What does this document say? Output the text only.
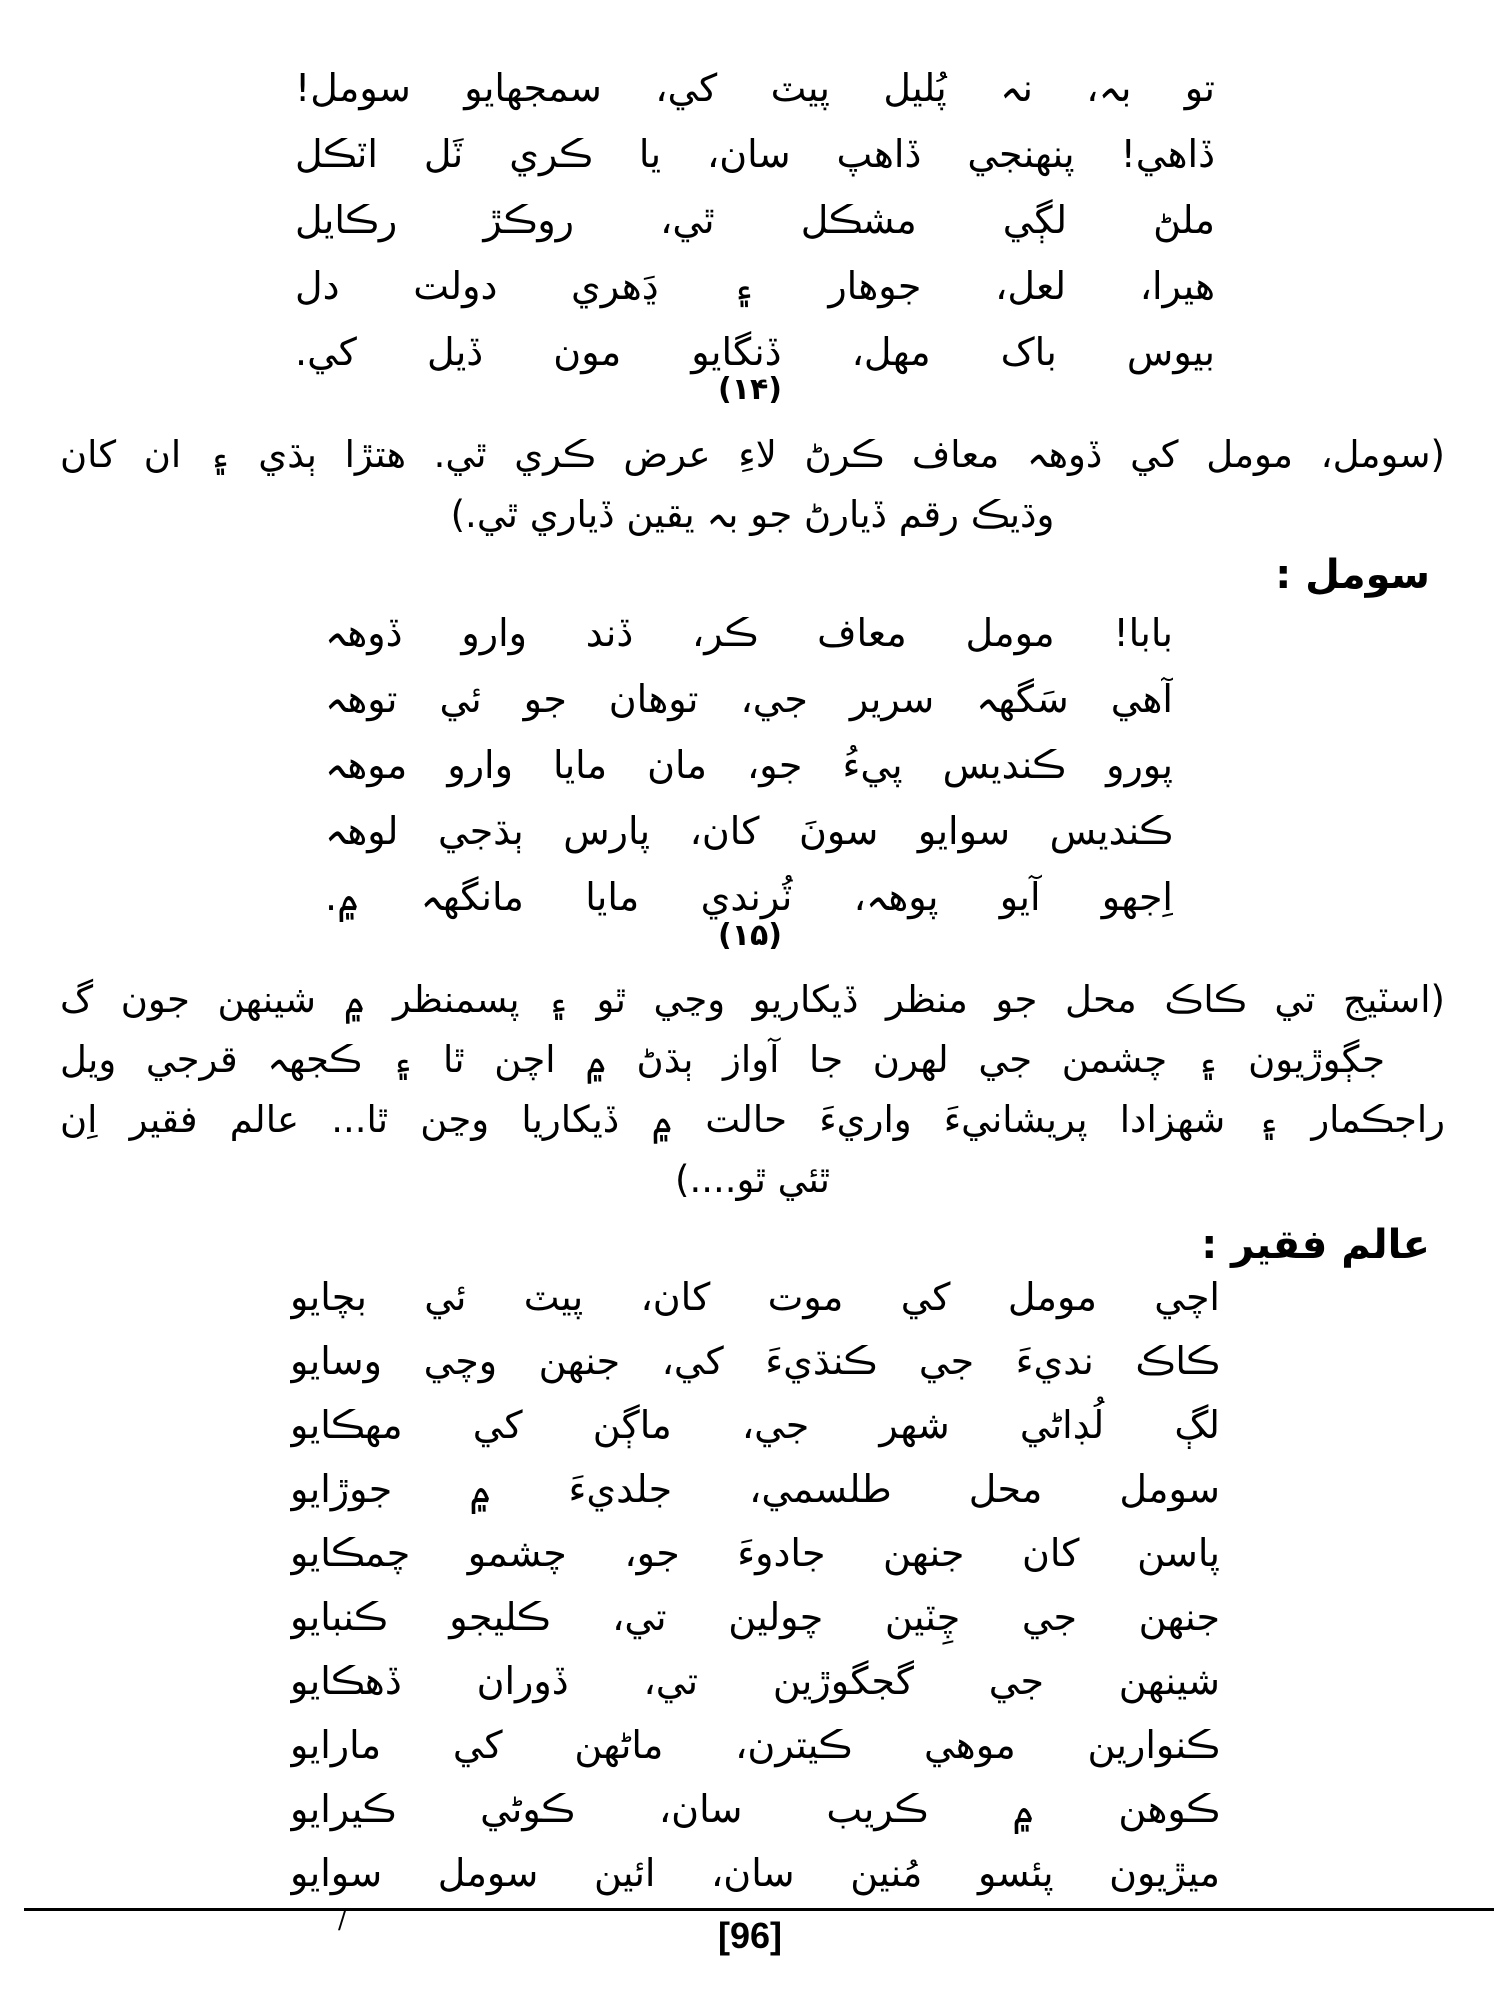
تو بہ، نہ پُليل پيٽ کي، سمجھايو سومل!
ڏاهي! پنهنجي ڏاهپ سان، يا ڪري ٽَل اٽڪل
ملڻ لڳي مشڪل ٿي، روڪڙ رڪايل
هيرا، لعل، جوهار ۽ ڍَهري دولت دل
بيوس باک مهل، ڏنگايو مون ڏيل کي.
(١۴)
(سومل، مومل کي ڏوهہ معاف ڪرڻ لاءِ عرض ڪري ٿي. هتڙا ٻڌي ۽ ان کان
وڌيڪ رقم ڏيارڻ جو بہ يقين ڏياري ٿي.)
سومل :
بابا! مومل معاف ڪر، ڏند وارو ڏوهہ
آهي سَگهہ سرير جي، توهان جو ئي توهہ
پورو ڪنديس پيءُ جو، مان مايا وارو موهہ
ڪنديس سوايو سونَ کان، پارس ٻڌجي لوهہ
اِجهو آيو پوهہ، ٽُرندي مايا مانگهہ ۾.
(١۵)
(اسٽيج تي ڪاڪ محل جو منظر ڏيکاريو وڃي ٿو ۽ پسمنظر ۾ شينهن جون گ
جڳوڙيون ۽ چشمن جي لهرن جا آواز ٻڌڻ ۾ اچن ٿا ۽ ڪجهہ قرجي ويل
راجڪمار ۽ شهزادا پريشانيءَ واريءَ حالت ۾ ڏيکاريا وڃن ٿا... عالم فقير اِن
ٿئي ٿو....)
عالم فقير :
اچي مومل کي موت کان، پيٽ ئي بچايو
ڪاڪ نديءَ جي ڪنڌيءَ کي، جنهن وچي وسايو
لڳ لُڊاڻي شهر جي، ماڳن کي مهڪايو
سومل محل طلسمي، جلديءَ ۾ جوڙايو
پاسن کان جنهن جادوءَ جو، چشمو چمڪايو
جنهن جي چِٽين چولين تي، ڪليجو ڪنبايو
شينهن جي گجگوڙين تي، ڏوران ڏهڪايو
ڪنوارين موهي ڪيترن، ماڻهن کي مارايو
ڪوهن ۾ ڪريب سان، ڪوڻي ڪيرايو
ميڙيون پئسو مُنين سان، ائين سومل سوايو
/	[96]
